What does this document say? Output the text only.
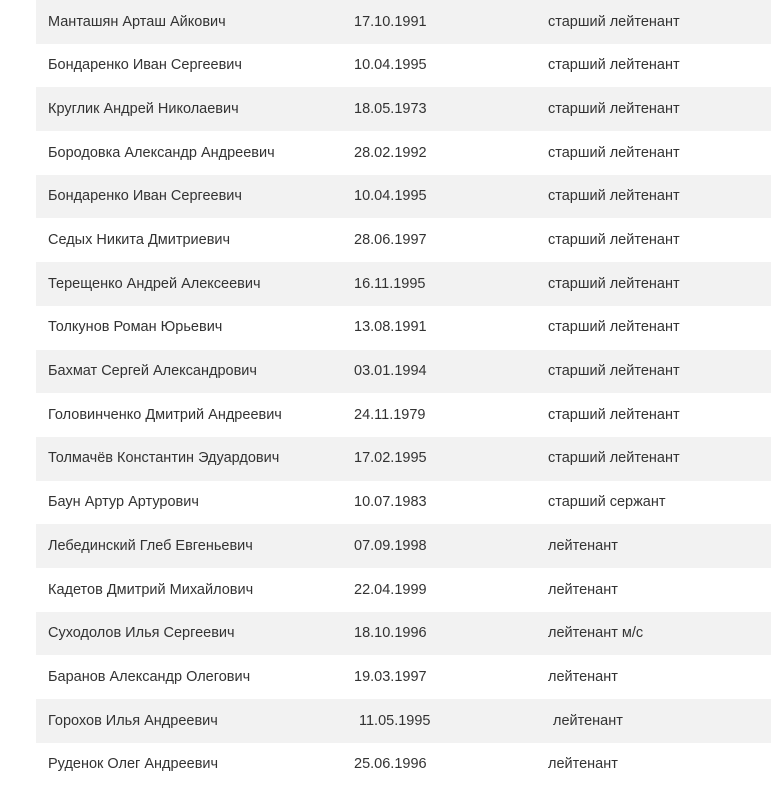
Манташян Арташ Айкович	17.10.1991	старший лейтенант
Бондаренко Иван Сергеевич	10.04.1995	старший лейтенант
Круглик Андрей Николаевич	18.05.1973	старший лейтенант
Бородовка Александр Андреевич	28.02.1992	старший лейтенант
Бондаренко Иван Сергеевич	10.04.1995	старший лейтенант
Седых Никита Дмитриевич	28.06.1997	старший лейтенант
Терещенко Андрей Алексеевич	16.11.1995	старший лейтенант
Толкунов Роман Юрьевич	13.08.1991	старший лейтенант
Бахмат Сергей Александрович	03.01.1994	старший лейтенант
Головинченко Дмитрий Андреевич	24.11.1979	старший лейтенант
Толмачёв Константин Эдуардович	17.02.1995	старший лейтенант
Баун Артур Артурович	10.07.1983	старший сержант
Лебединский Глеб Евгеньевич	07.09.1998	лейтенант
Кадетов Дмитрий Михайлович	22.04.1999	лейтенант
Суходолов Илья Сергеевич	18.10.1996	лейтенант м/с
Баранов Александр Олегович	19.03.1997	лейтенант
Горохов Илья Андреевич	11.05.1995	лейтенант
Руденок Олег Андреевич	25.06.1996	лейтенант
